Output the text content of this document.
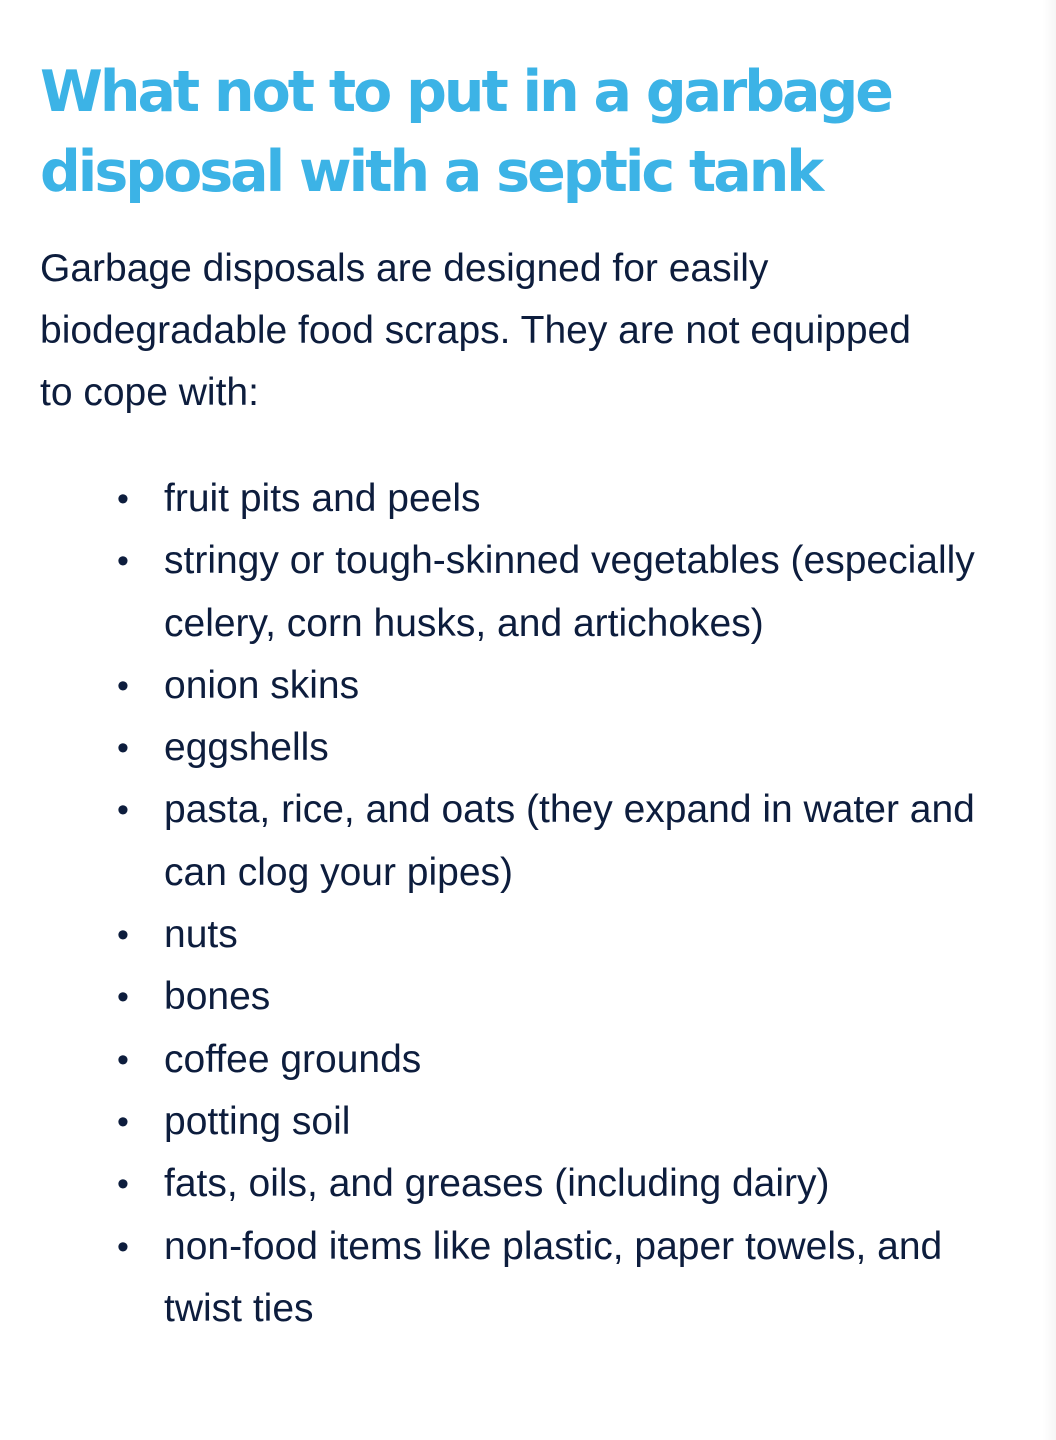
What not to put in a garbage disposal with a septic tank

Garbage disposals are designed for easily biodegradable food scraps. They are not equipped to cope with:

• fruit pits and peels
• stringy or tough-skinned vegetables (especially celery, corn husks, and artichokes)
• onion skins
• eggshells
• pasta, rice, and oats (they expand in water and can clog your pipes)
• nuts
• bones
• coffee grounds
• potting soil
• fats, oils, and greases (including dairy)
• non-food items like plastic, paper towels, and twist ties
